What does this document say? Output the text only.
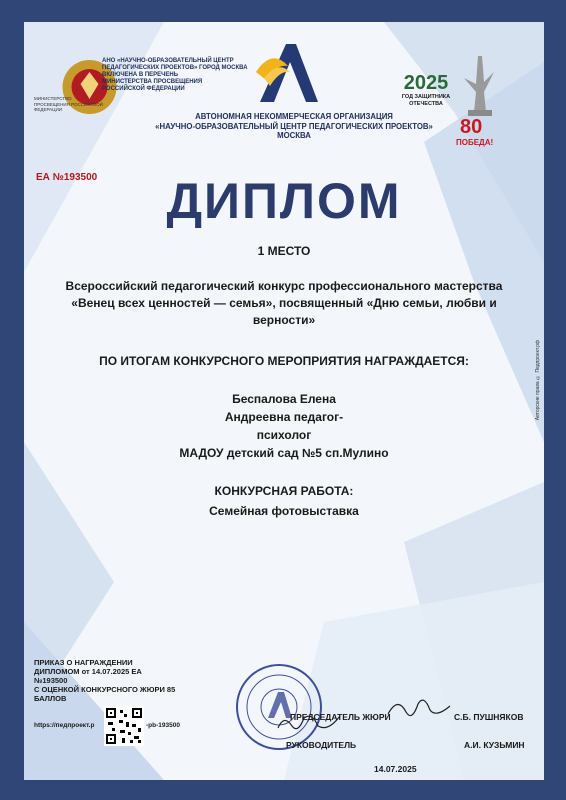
АНО «НАУЧНО-ОБРАЗОВАТЕЛЬНЫЙ ЦЕНТР
ПЕДАГОГИЧЕСКИХ ПРОЕКТОВ» ГОРОД МОСКВА
ВКЛЮЧЕНА В ПЕРЕЧЕНЬ
МИНИСТЕРСТВА ПРОСВЕЩЕНИЯ
РОССИЙСКОЙ ФЕДЕРАЦИИ
МИНИСТЕРСТВО ПРОСВЕЩЕНИЯ РОССИЙСКОЙ ФЕДЕРАЦИИ
АВТОНОМНАЯ НЕКОММЕРЧЕСКАЯ ОРГАНИЗАЦИЯ
«НАУЧНО-ОБРАЗОВАТЕЛЬНЫЙ ЦЕНТР ПЕДАГОГИЧЕСКИХ ПРОЕКТОВ»
МОСКВА
2025
ГОД ЗАЩИТНИКА
ОТЕЧЕСТВА
80
ПОБЕДА!
ЕА №193500	ДИПЛОМ
1 МЕСТО
Всероссийский педагогический конкурс профессионального мастерства
«Венец всех ценностей — семья», посвященный «Дню семьи, любви и
верности»
ПО ИТОГАМ КОНКУРСНОГО МЕРОПРИЯТИЯ НАГРАЖДАЕТСЯ:
Беспалова Елена
Андреевна педагог-
психолог
МАДОУ детский сад №5 сп.Мулино
КОНКУРСНАЯ РАБОТА:
Семейная фотовыставка
ПРИКАЗ О НАГРАЖДЕНИИ
ДИПЛОМОМ от 14.07.2025 ЕА
№193500
С ОЦЕНКОЙ КОНКУРСНОГО ЖЮРИ 85
БАЛЛОВ
https://педпроект.р	-pb-193500
ПРЕДСЕДАТЕЛЬ ЖЮРИ	С.Б. ПУШНЯКОВ
РУКОВОДИТЕЛЬ	А.И. КУЗЬМИН
14.07.2025
Авторские права © Педпроект.рф
